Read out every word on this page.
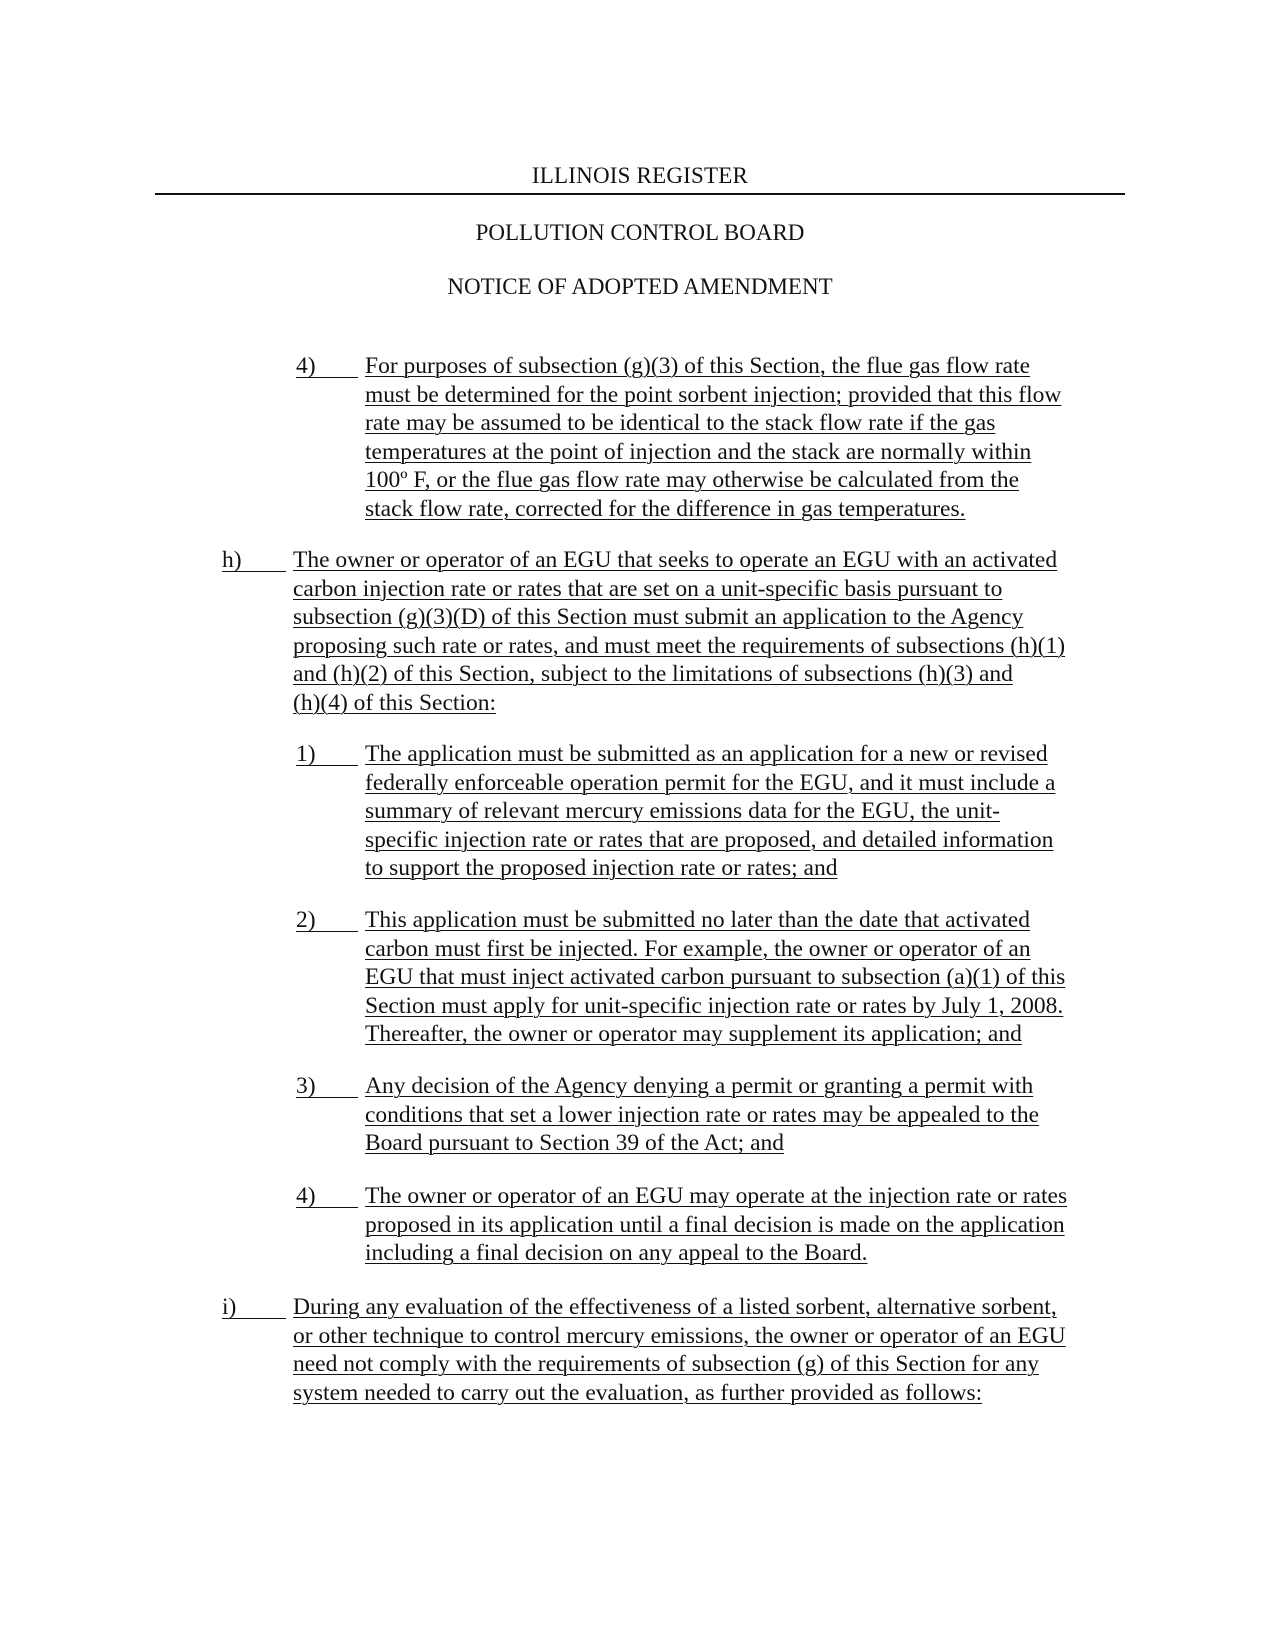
ILLINOIS REGISTER
POLLUTION CONTROL BOARD
NOTICE OF ADOPTED AMENDMENT
4)	For purposes of subsection (g)(3) of this Section, the flue gas flow rate
must be determined for the point sorbent injection; provided that this flow
rate may be assumed to be identical to the stack flow rate if the gas
temperatures at the point of injection and the stack are normally within
100º F, or the flue gas flow rate may otherwise be calculated from the
stack flow rate, corrected for the difference in gas temperatures.
h)	The owner or operator of an EGU that seeks to operate an EGU with an activated
carbon injection rate or rates that are set on a unit-specific basis pursuant to
subsection (g)(3)(D) of this Section must submit an application to the Agency
proposing such rate or rates, and must meet the requirements of subsections (h)(1)
and (h)(2) of this Section, subject to the limitations of subsections (h)(3) and
(h)(4) of this Section:
1)	The application must be submitted as an application for a new or revised
federally enforceable operation permit for the EGU, and it must include a
summary of relevant mercury emissions data for the EGU, the unit-
specific injection rate or rates that are proposed, and detailed information
to support the proposed injection rate or rates; and
2)	This application must be submitted no later than the date that activated
carbon must first be injected. For example, the owner or operator of an
EGU that must inject activated carbon pursuant to subsection (a)(1) of this
Section must apply for unit-specific injection rate or rates by July 1, 2008.
Thereafter, the owner or operator may supplement its application; and
3)	Any decision of the Agency denying a permit or granting a permit with
conditions that set a lower injection rate or rates may be appealed to the
Board pursuant to Section 39 of the Act; and
4)	The owner or operator of an EGU may operate at the injection rate or rates
proposed in its application until a final decision is made on the application
including a final decision on any appeal to the Board.
i)	During any evaluation of the effectiveness of a listed sorbent, alternative sorbent,
or other technique to control mercury emissions, the owner or operator of an EGU
need not comply with the requirements of subsection (g) of this Section for any
system needed to carry out the evaluation, as further provided as follows:
